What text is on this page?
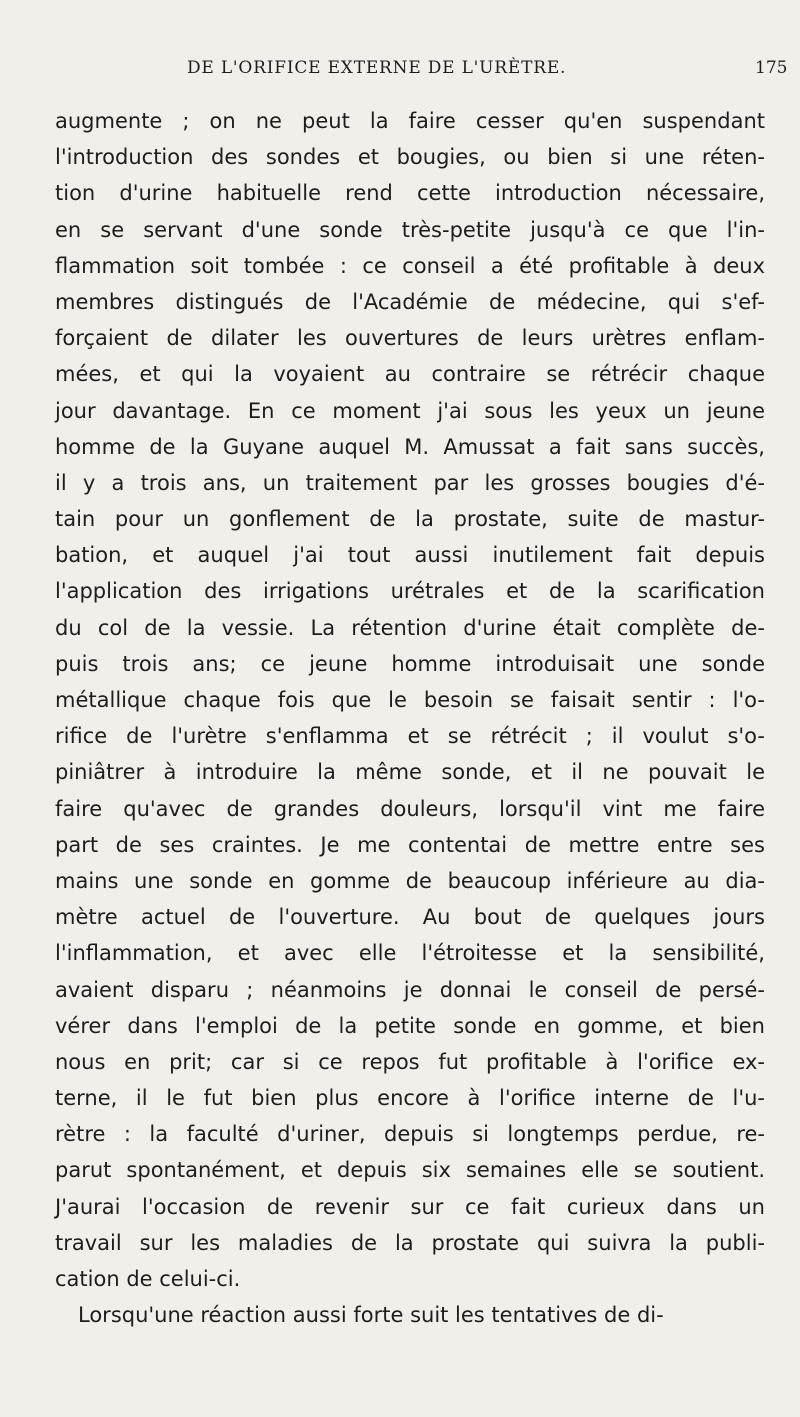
DE L'ORIFICE EXTERNE DE L'URÈTRE.	175
augmente ; on ne peut la faire cesser qu'en suspendant
l'introduction des sondes et bougies, ou bien si une réten-
tion d'urine habituelle rend cette introduction nécessaire,
en se servant d'une sonde très-petite jusqu'à ce que l'in-
flammation soit tombée : ce conseil a été profitable à deux
membres distingués de l'Académie de médecine, qui s'ef-
forçaient de dilater les ouvertures de leurs urètres enflam-
mées, et qui la voyaient au contraire se rétrécir chaque
jour davantage. En ce moment j'ai sous les yeux un jeune
homme de la Guyane auquel M. Amussat a fait sans succès,
il y a trois ans, un traitement par les grosses bougies d'é-
tain pour un gonflement de la prostate, suite de mastur-
bation, et auquel j'ai tout aussi inutilement fait depuis
l'application des irrigations urétrales et de la scarification
du col de la vessie. La rétention d'urine était complète de-
puis trois ans; ce jeune homme introduisait une sonde
métallique chaque fois que le besoin se faisait sentir : l'o-
rifice de l'urètre s'enflamma et se rétrécit ; il voulut s'o-
piniâtrer à introduire la même sonde, et il ne pouvait le
faire qu'avec de grandes douleurs, lorsqu'il vint me faire
part de ses craintes. Je me contentai de mettre entre ses
mains une sonde en gomme de beaucoup inférieure au dia-
mètre actuel de l'ouverture. Au bout de quelques jours
l'inflammation, et avec elle l'étroitesse et la sensibilité,
avaient disparu ; néanmoins je donnai le conseil de persé-
vérer dans l'emploi de la petite sonde en gomme, et bien
nous en prit; car si ce repos fut profitable à l'orifice ex-
terne, il le fut bien plus encore à l'orifice interne de l'u-
rètre : la faculté d'uriner, depuis si longtemps perdue, re-
parut spontanément, et depuis six semaines elle se soutient.
J'aurai l'occasion de revenir sur ce fait curieux dans un
travail sur les maladies de la prostate qui suivra la publi-
cation de celui-ci.
Lorsqu'une réaction aussi forte suit les tentatives de di-
